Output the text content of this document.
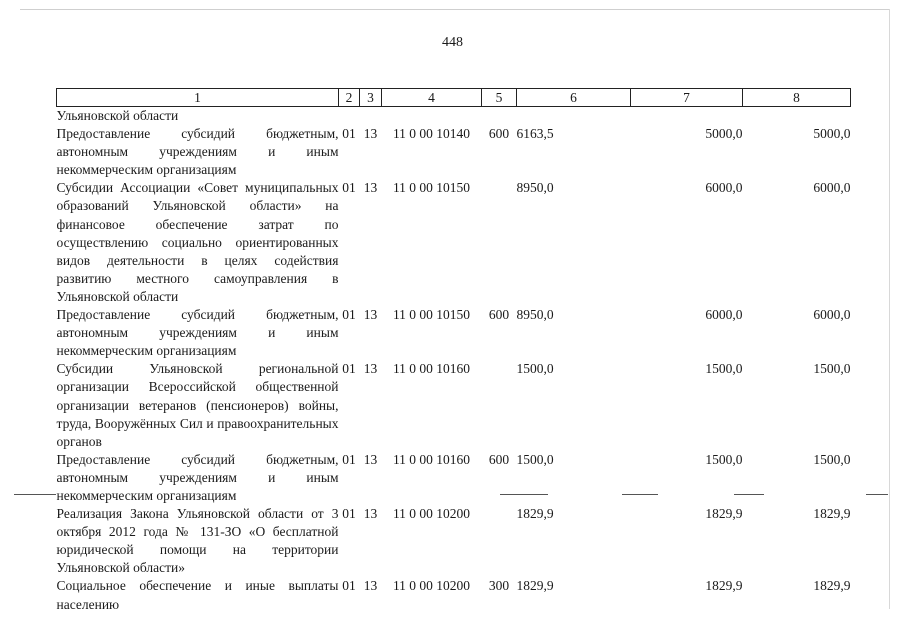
448
1	2	3	4	5	6	7	8
Ульяновской области							
Предоставление субсидий бюджетным, автономным учреждениям и иным некоммерческим организациям	01	13	11 0 00 10140	600	6163,5	5000,0	5000,0
Субсидии Ассоциации «Совет муниципальных образований Ульяновской области» на финансовое обеспечение затрат по осуществлению социально ориентированных видов деятельности в целях содействия развитию местного самоуправления в Ульяновской области	01	13	11 0 00 10150		8950,0	6000,0	6000,0
Предоставление субсидий бюджетным, автономным учреждениям и иным некоммерческим организациям	01	13	11 0 00 10150	600	8950,0	6000,0	6000,0
Субсидии Ульяновской региональной организации Всероссийской общественной организации ветеранов (пенсионеров) войны, труда, Вооружённых Сил и правоохранительных органов	01	13	11 0 00 10160		1500,0	1500,0	1500,0
Предоставление субсидий бюджетным, автономным учреждениям и иным некоммерческим организациям	01	13	11 0 00 10160	600	1500,0	1500,0	1500,0
Реализация Закона Ульяновской области от 3 октября 2012 года № 131-ЗО «О бесплатной юридической помощи на территории Ульяновской области»	01	13	11 0 00 10200		1829,9	1829,9	1829,9
Социальное обеспечение и иные выплаты населению	01	13	11 0 00 10200	300	1829,9	1829,9	1829,9
